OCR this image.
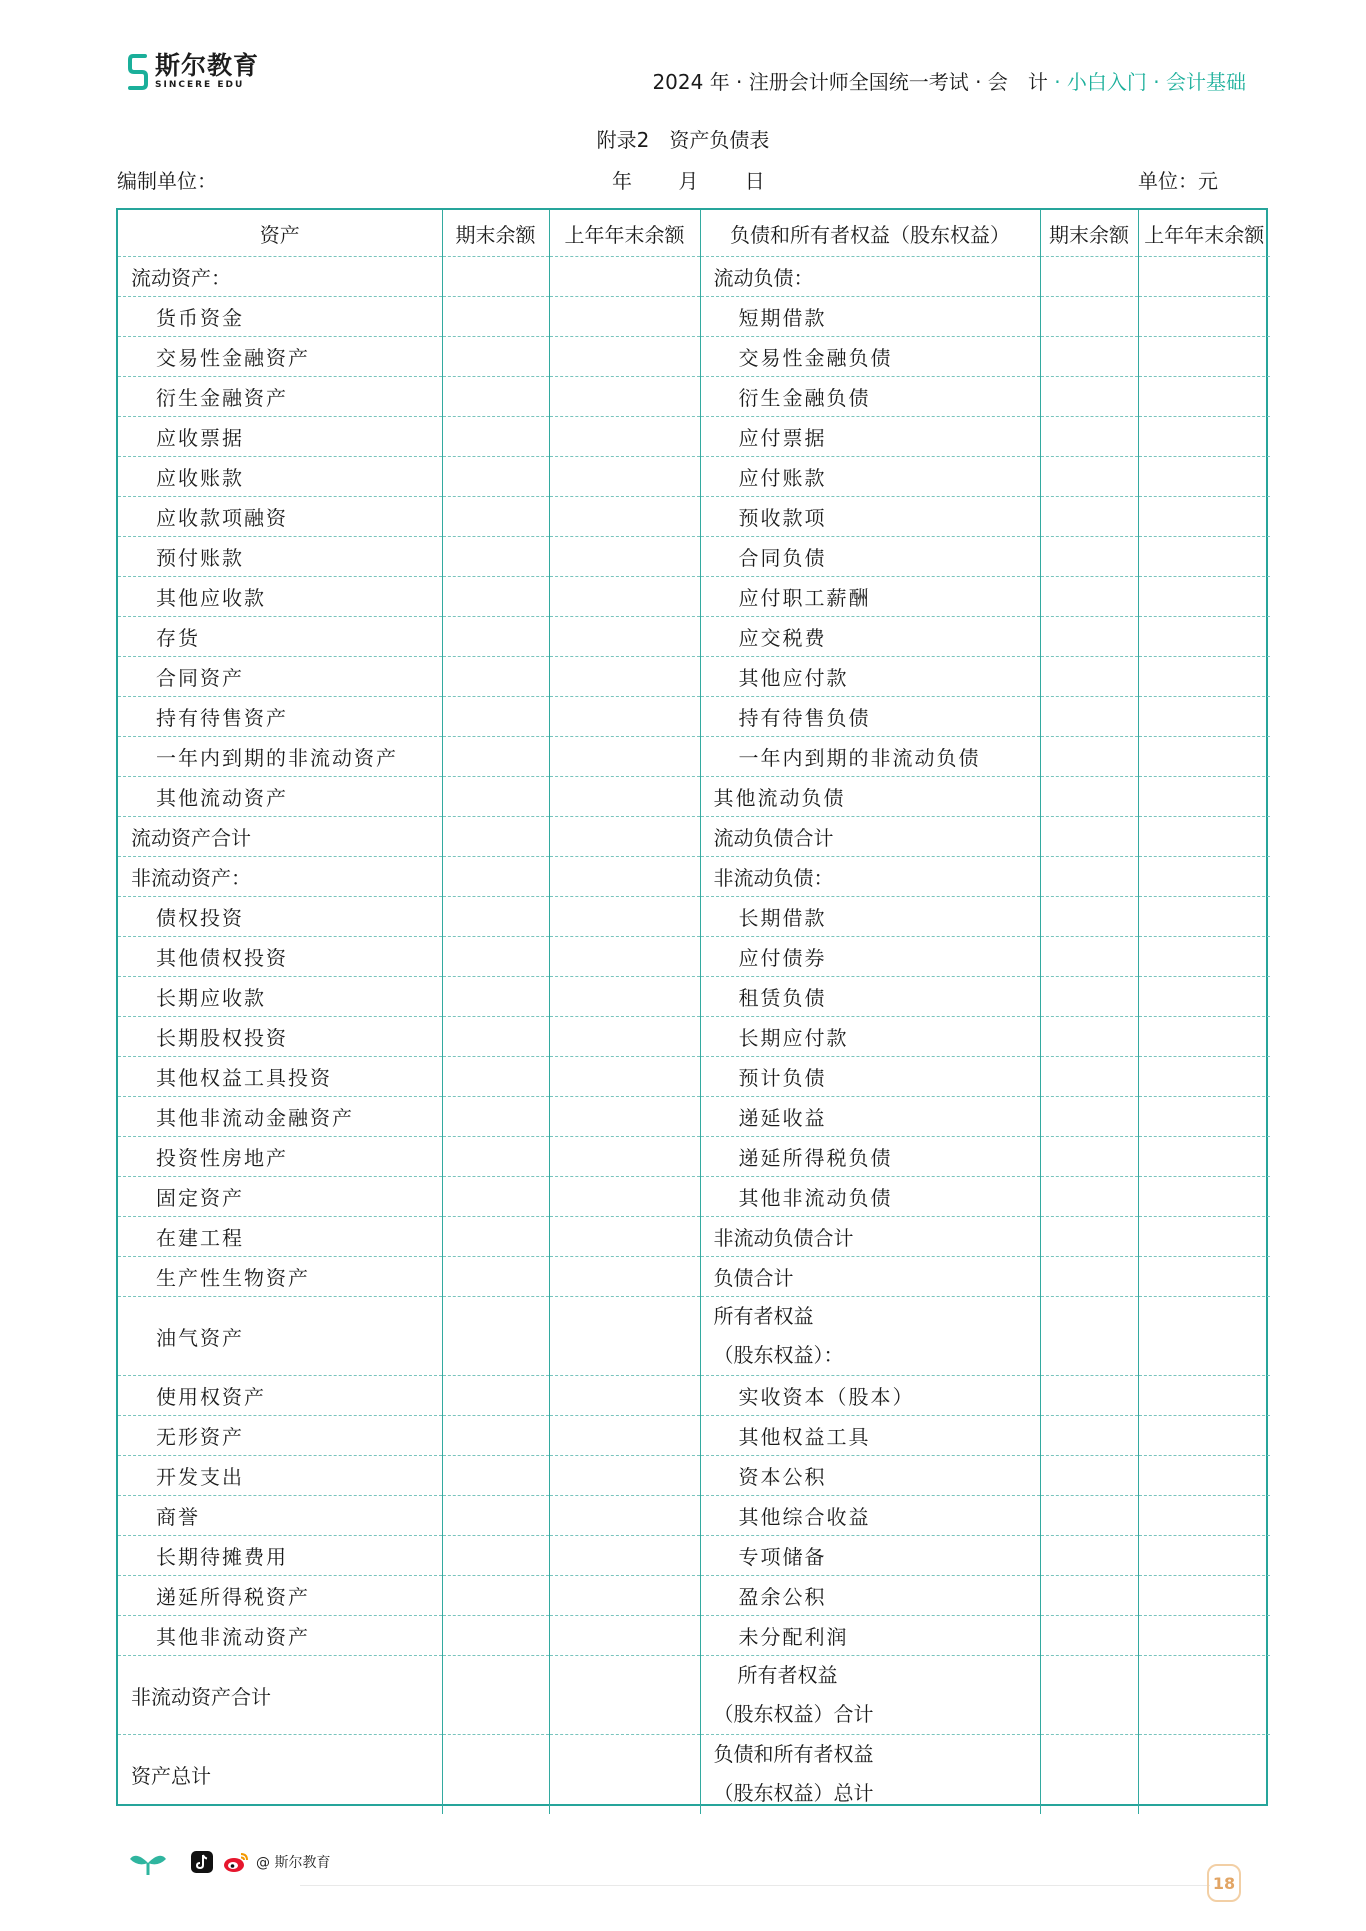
斯尔教育
SINCERE EDU	2024 年 · 注册会计师全国统一考试 · 会　计 · 小白入门 · 会计基础
附录2　资产负债表
编制单位：	年 月 日	单位：元
资产	期末余额	上年年末余额	负债和所有者权益（股东权益）	期末余额	上年年末余额
流动资产：			流动负债：		
货币资金			短期借款		
交易性金融资产			交易性金融负债		
衍生金融资产			衍生金融负债		
应收票据			应付票据		
应收账款			应付账款		
应收款项融资			预收款项		
预付账款			合同负债		
其他应收款			应付职工薪酬		
存货			应交税费		
合同资产			其他应付款		
持有待售资产			持有待售负债		
一年内到期的非流动资产			一年内到期的非流动负债		
其他流动资产			其他流动负债		
流动资产合计			流动负债合计		
非流动资产：			非流动负债：		
债权投资			长期借款		
其他债权投资			应付债券		
长期应收款			租赁负债		
长期股权投资			长期应付款		
其他权益工具投资			预计负债		
其他非流动金融资产			递延收益		
投资性房地产			递延所得税负债		
固定资产			其他非流动负债		
在建工程			非流动负债合计		
生产性生物资产			负债合计		
油气资产			所有者权益
（股东权益）：		

使用权资产			实收资本（股本）		
无形资产			其他权益工具		
开发支出			资本公积		
商誉			其他综合收益		
长期待摊费用			专项储备		
递延所得税资产			盈余公积		
其他非流动资产			未分配利润		
非流动资产合计			所有者权益
（股东权益）合计		

资产总计			负债和所有者权益
（股东权益）总计		

@ 斯尔教育
18
